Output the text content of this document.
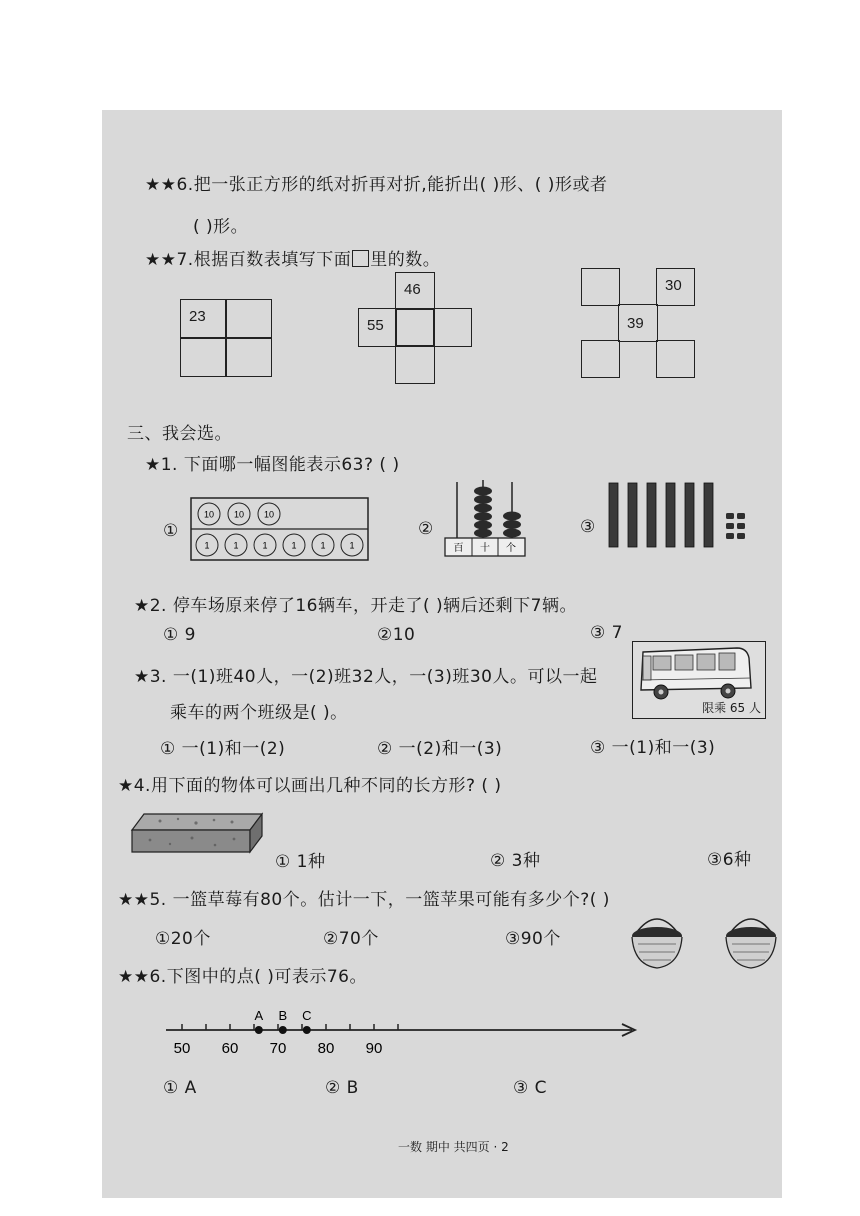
★★6.把一张正方形的纸对折再对折,能折出( )形、( )形或者
( )形。
★★7.根据百数表填写下面 里的数。
23
46
55
30
39
三、我会选。
★1. 下面哪一幅图能表示63? ( )
①
10 10 10
1	1	1	1	1	1
②
百 十 个
③
★2. 停车场原来停了16辆车，开走了( )辆后还剩下7辆。
① 9	②10	③ 7
★3. 一(1)班40人，一(2)班32人，一(3)班30人。可以一起
乘车的两个班级是( )。	限乘 65 人
① 一(1)和一(2)	② 一(2)和一(3)	③ 一(1)和一(3)
★4.用下面的物体可以画出几种不同的长方形? ( )
① 1种	② 3种	③6种
★★5. 一篮草莓有80个。估计一下，一篮苹果可能有多少个?( )
①20个	②70个	③90个
★★6.下图中的点( )可表示76。
50 60 70 80 90
A B C
① A	② B	③ C
一数 期中 共四页 · 2
